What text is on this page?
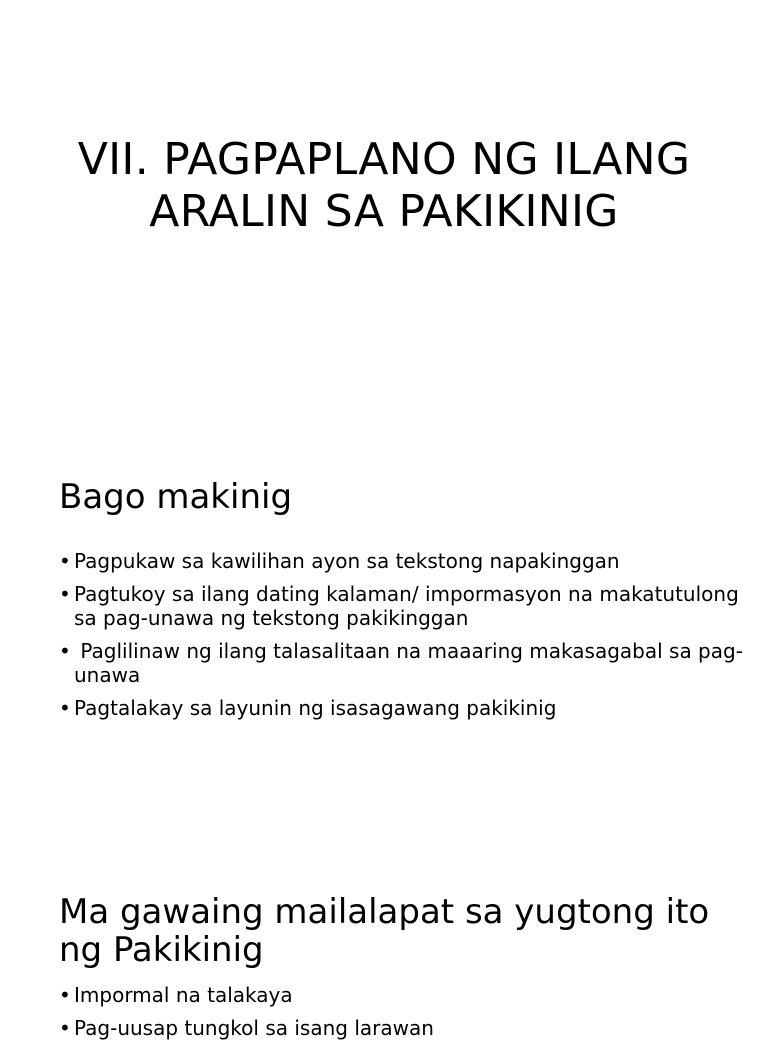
VII. PAGPAPLANO NG ILANG ARALIN SA PAKIKINIG
Bago makinig
• Pagpukaw sa kawilihan ayon sa tekstong napakinggan
• Pagtukoy sa ilang dating kalaman/ impormasyon na makatutulong sa pag-unawa ng tekstong pakikinggan
• Paglilinaw ng ilang talasalitaan na maaaring makasagabal sa pag-unawa
• Pagtalakay sa layunin ng isasagawang pakikinig
Ma gawaing mailalapat sa yugtong ito ng Pakikinig
• Impormal na talakaya
• Pag-uusap tungkol sa isang larawan
